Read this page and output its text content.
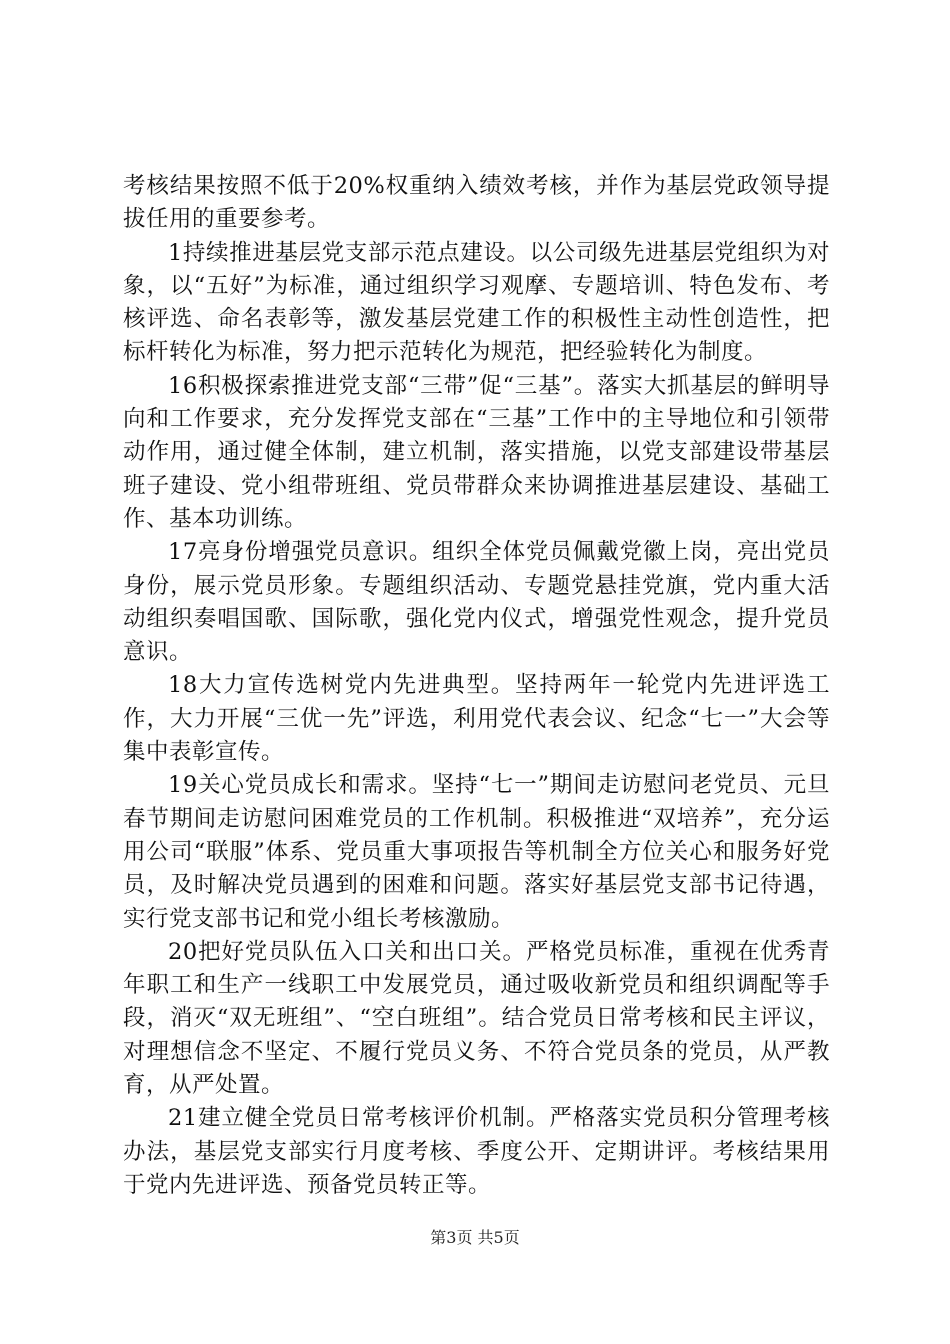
考核结果按照不低于20%权重纳入绩效考核，并作为基层党政领导提拔任用的重要参考。

1持续推进基层党支部示范点建设。以公司级先进基层党组织为对象，以“五好”为标准，通过组织学习观摩、专题培训、特色发布、考核评选、命名表彰等，激发基层党建工作的积极性主动性创造性，把标杆转化为标准，努力把示范转化为规范，把经验转化为制度。

16积极探索推进党支部“三带”促“三基”。落实大抓基层的鲜明导向和工作要求，充分发挥党支部在“三基”工作中的主导地位和引领带动作用，通过健全体制，建立机制，落实措施，以党支部建设带基层班子建设、党小组带班组、党员带群众来协调推进基层建设、基础工作、基本功训练。

17亮身份增强党员意识。组织全体党员佩戴党徽上岗，亮出党员身份，展示党员形象。专题组织活动、专题党悬挂党旗，党内重大活动组织奏唱国歌、国际歌，强化党内仪式，增强党性观念，提升党员意识。

18大力宣传选树党内先进典型。坚持两年一轮党内先进评选工作，大力开展“三优一先”评选，利用党代表会议、纪念“七一”大会等集中表彰宣传。

19关心党员成长和需求。坚持“七一”期间走访慰问老党员、元旦春节期间走访慰问困难党员的工作机制。积极推进“双培养”，充分运用公司“联服”体系、党员重大事项报告等机制全方位关心和服务好党员，及时解决党员遇到的困难和问题。落实好基层党支部书记待遇，实行党支部书记和党小组长考核激励。

20把好党员队伍入口关和出口关。严格党员标准，重视在优秀青年职工和生产一线职工中发展党员，通过吸收新党员和组织调配等手段，消灭“双无班组”、“空白班组”。结合党员日常考核和民主评议，对理想信念不坚定、不履行党员义务、不符合党员条的党员，从严教育，从严处置。

21建立健全党员日常考核评价机制。严格落实党员积分管理考核办法，基层党支部实行月度考核、季度公开、定期讲评。考核结果用于党内先进评选、预备党员转正等。

第3页 共5页
